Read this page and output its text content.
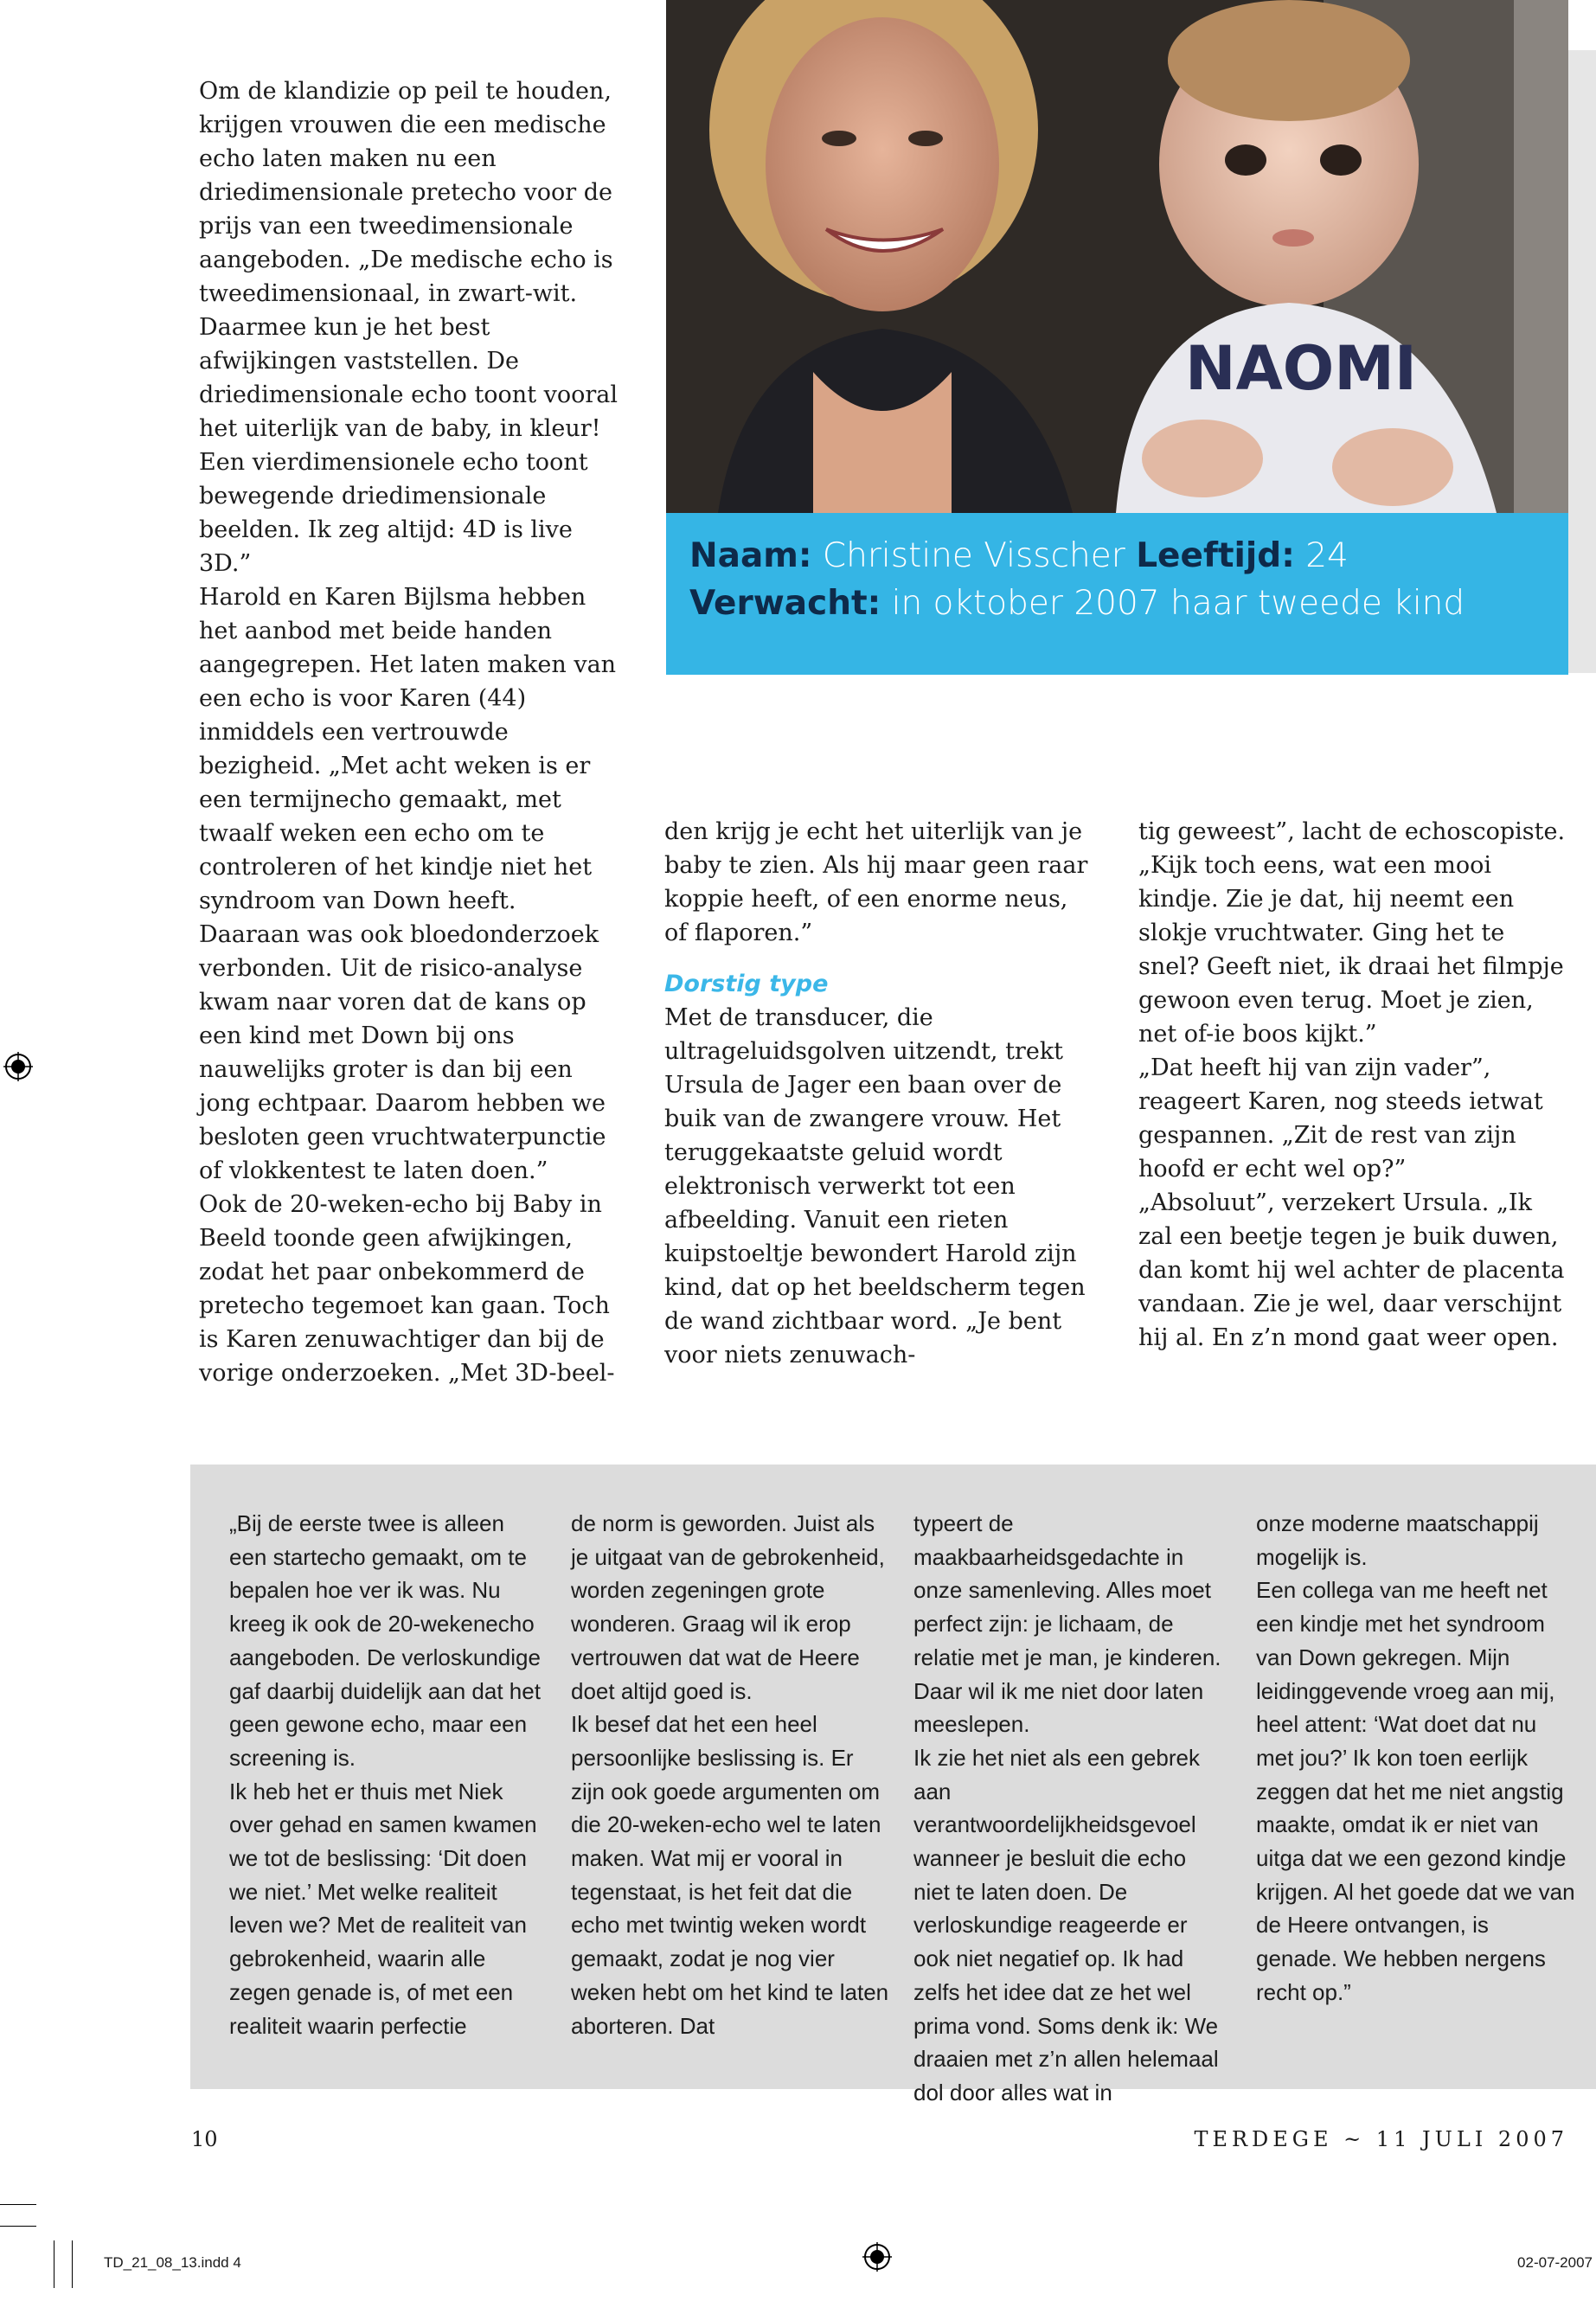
Om de klandizie op peil te houden, krijgen vrouwen die een medische echo laten maken nu een driedimensionale pretecho voor de prijs van een tweedimensionale aangeboden. „De medische echo is tweedimensionaal, in zwart-wit. Daarmee kun je het best afwijkingen vaststellen. De driedimensionale echo toont vooral het uiterlijk van de baby, in kleur! Een vierdimensionele echo toont bewegende driedimensionale beelden. Ik zeg altijd: 4D is live 3D.”

Harold en Karen Bijlsma hebben het aanbod met beide handen aangegrepen. Het laten maken van een echo is voor Karen (44) inmiddels een vertrouwde bezigheid. „Met acht weken is er een termijnecho gemaakt, met twaalf weken een echo om te controleren of het kindje niet het syndroom van Down heeft. Daaraan was ook bloedonderzoek verbonden. Uit de risico-analyse kwam naar voren dat de kans op een kind met Down bij ons nauwelijks groter is dan bij een jong echtpaar. Daarom hebben we besloten geen vruchtwaterpunctie of vlokkentest te laten doen.”

Ook de 20-weken-echo bij Baby in Beeld toonde geen afwijkingen, zodat het paar onbekommerd de pretecho tegemoet kan gaan. Toch is Karen zenuwachtiger dan bij de vorige onderzoeken. „Met 3D-beel-

NAOMI
Naam: Christine Visscher Leeftijd: 24
Verwacht: in oktober 2007 haar tweede kind

den krijg je echt het uiterlijk van je baby te zien. Als hij maar geen raar koppie heeft, of een enorme neus, of flaporen.”

Dorstig type

Met de transducer, die ultrageluidsgolven uitzendt, trekt Ursula de Jager een baan over de buik van de zwangere vrouw. Het teruggekaatste geluid wordt elektronisch verwerkt tot een afbeelding. Vanuit een rieten kuipstoeltje bewondert Harold zijn kind, dat op het beeldscherm tegen de wand zichtbaar word. „Je bent voor niets zenuwach-

tig geweest”, lacht de echoscopiste. „Kijk toch eens, wat een mooi kindje. Zie je dat, hij neemt een slokje vruchtwater. Ging het te snel? Geeft niet, ik draai het filmpje gewoon even terug. Moet je zien, net of-ie boos kijkt.”

„Dat heeft hij van zijn vader”, reageert Karen, nog steeds ietwat gespannen. „Zit de rest van zijn hoofd er echt wel op?”

„Absoluut”, verzekert Ursula. „Ik zal een beetje tegen je buik duwen, dan komt hij wel achter de placenta vandaan. Zie je wel, daar verschijnt hij al. En z’n mond gaat weer open.

„Bij de eerste twee is alleen een startecho gemaakt, om te bepalen hoe ver ik was. Nu kreeg ik ook de 20-wekenecho aangeboden. De verloskundige gaf daarbij duidelijk aan dat het geen gewone echo, maar een screening is.

Ik heb het er thuis met Niek over gehad en samen kwamen we tot de beslissing: ‘Dit doen we niet.’ Met welke realiteit leven we? Met de realiteit van gebrokenheid, waarin alle zegen genade is, of met een realiteit waarin perfectie

de norm is geworden. Juist als je uitgaat van de gebrokenheid, worden zegeningen grote wonderen. Graag wil ik erop vertrouwen dat wat de Heere doet altijd goed is.

Ik besef dat het een heel persoonlijke beslissing is. Er zijn ook goede argumenten om die 20-weken-echo wel te laten maken. Wat mij er vooral in tegenstaat, is het feit dat die echo met twintig weken wordt gemaakt, zodat je nog vier weken hebt om het kind te laten aborteren. Dat

typeert de maakbaarheidsgedachte in onze samenleving. Alles moet perfect zijn: je lichaam, de relatie met je man, je kinderen. Daar wil ik me niet door laten meeslepen.

Ik zie het niet als een gebrek aan verantwoordelijkheidsgevoel wanneer je besluit die echo niet te laten doen. De verloskundige reageerde er ook niet negatief op. Ik had zelfs het idee dat ze het wel prima vond. Soms denk ik: We draaien met z’n allen helemaal dol door alles wat in

onze moderne maatschappij mogelijk is.

Een collega van me heeft net een kindje met het syndroom van Down gekregen. Mijn leidinggevende vroeg aan mij, heel attent: ‘Wat doet dat nu met jou?’ Ik kon toen eerlijk zeggen dat het me niet angstig maakte, omdat ik er niet van uitga dat we een gezond kindje krijgen. Al het goede dat we van de Heere ontvangen, is genade. We hebben nergens recht op.”

10	TERDEGE ~ 11 JULI 2007
TD_21_08_13.indd 4	02-07-2007
